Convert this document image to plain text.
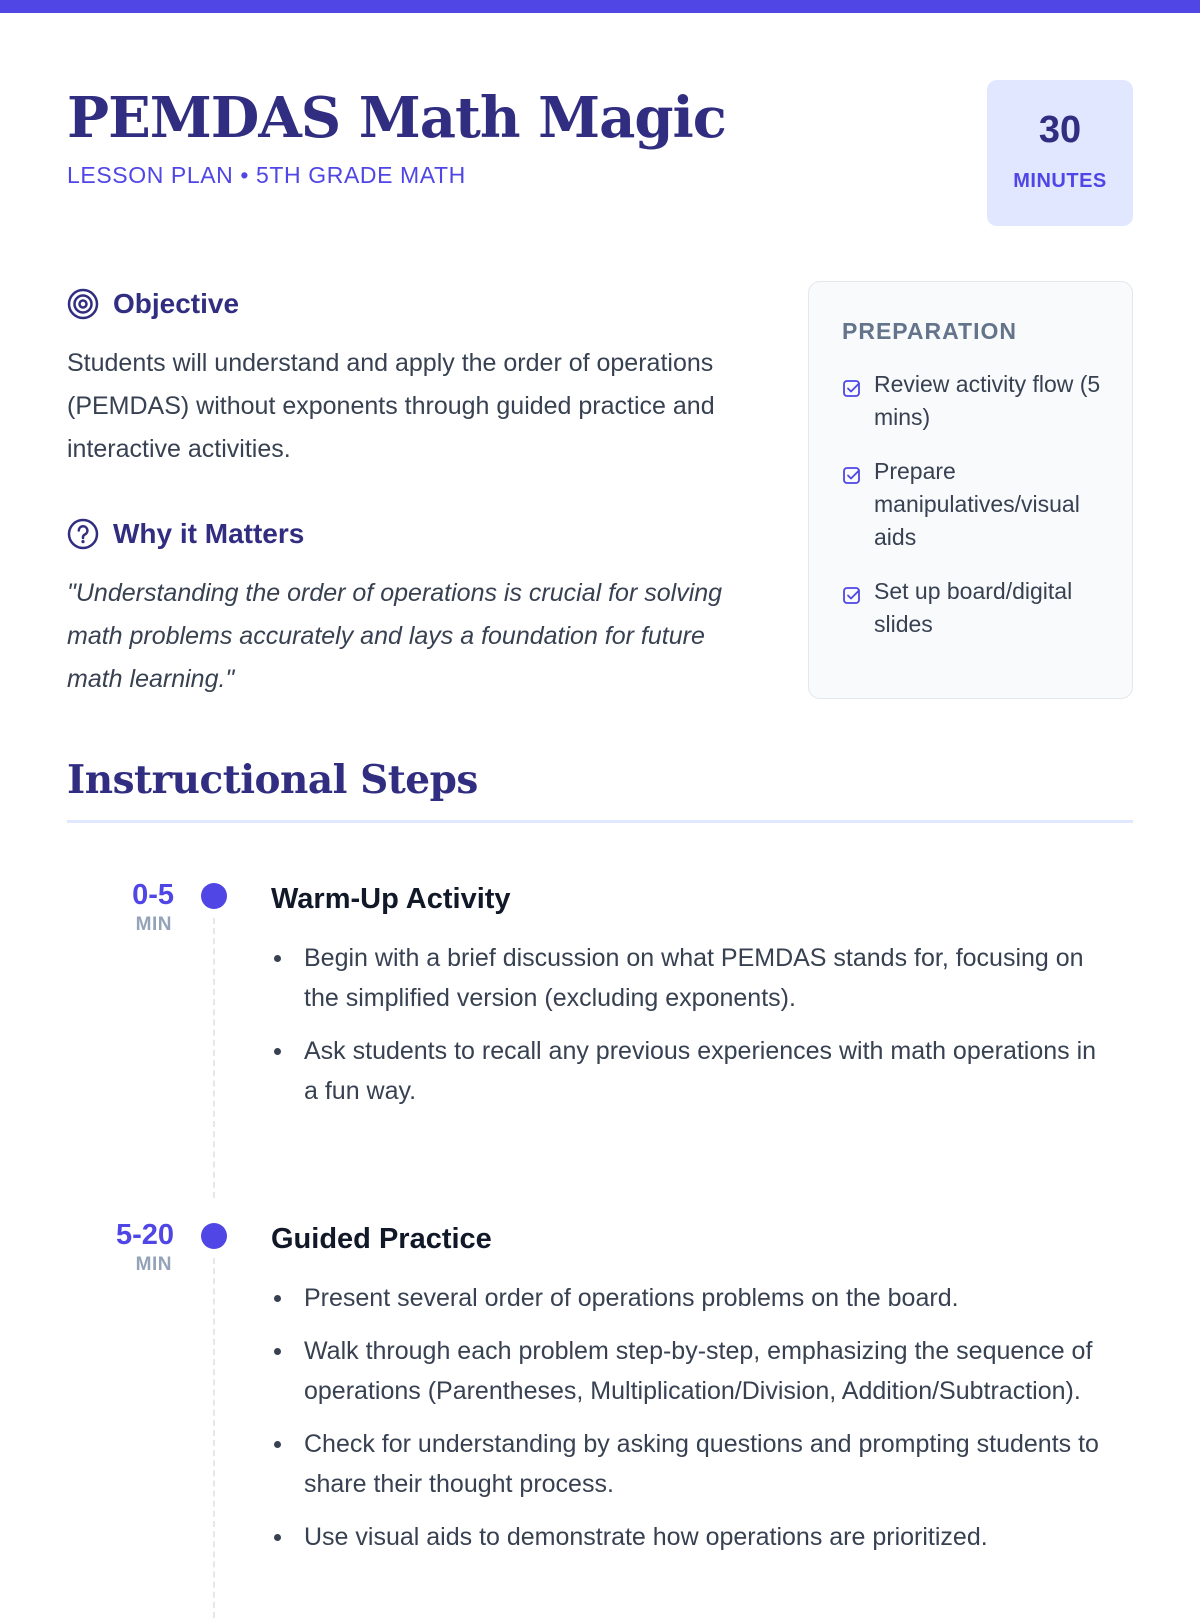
PEMDAS Math Magic
LESSON PLAN • 5TH GRADE MATH
30
MINUTES
Objective

Students will understand and apply the order of operations (PEMDAS) without exponents through guided practice and interactive activities.

Why it Matters

"Understanding the order of operations is crucial for solving math problems accurately and lays a foundation for future math learning."

PREPARATION
Review activity flow (5 mins)
Prepare manipulatives/visual aids
Set up board/digital slides
Instructional Steps
0-5
MIN
Warm-Up Activity
Begin with a brief discussion on what PEMDAS stands for, focusing on the simplified version (excluding exponents).
Ask students to recall any previous experiences with math operations in a fun way.
5-20
MIN
Guided Practice
Present several order of operations problems on the board.
Walk through each problem step-by-step, emphasizing the sequence of operations (Parentheses, Multiplication/Division, Addition/Subtraction).
Check for understanding by asking questions and prompting students to share their thought process.
Use visual aids to demonstrate how operations are prioritized.
